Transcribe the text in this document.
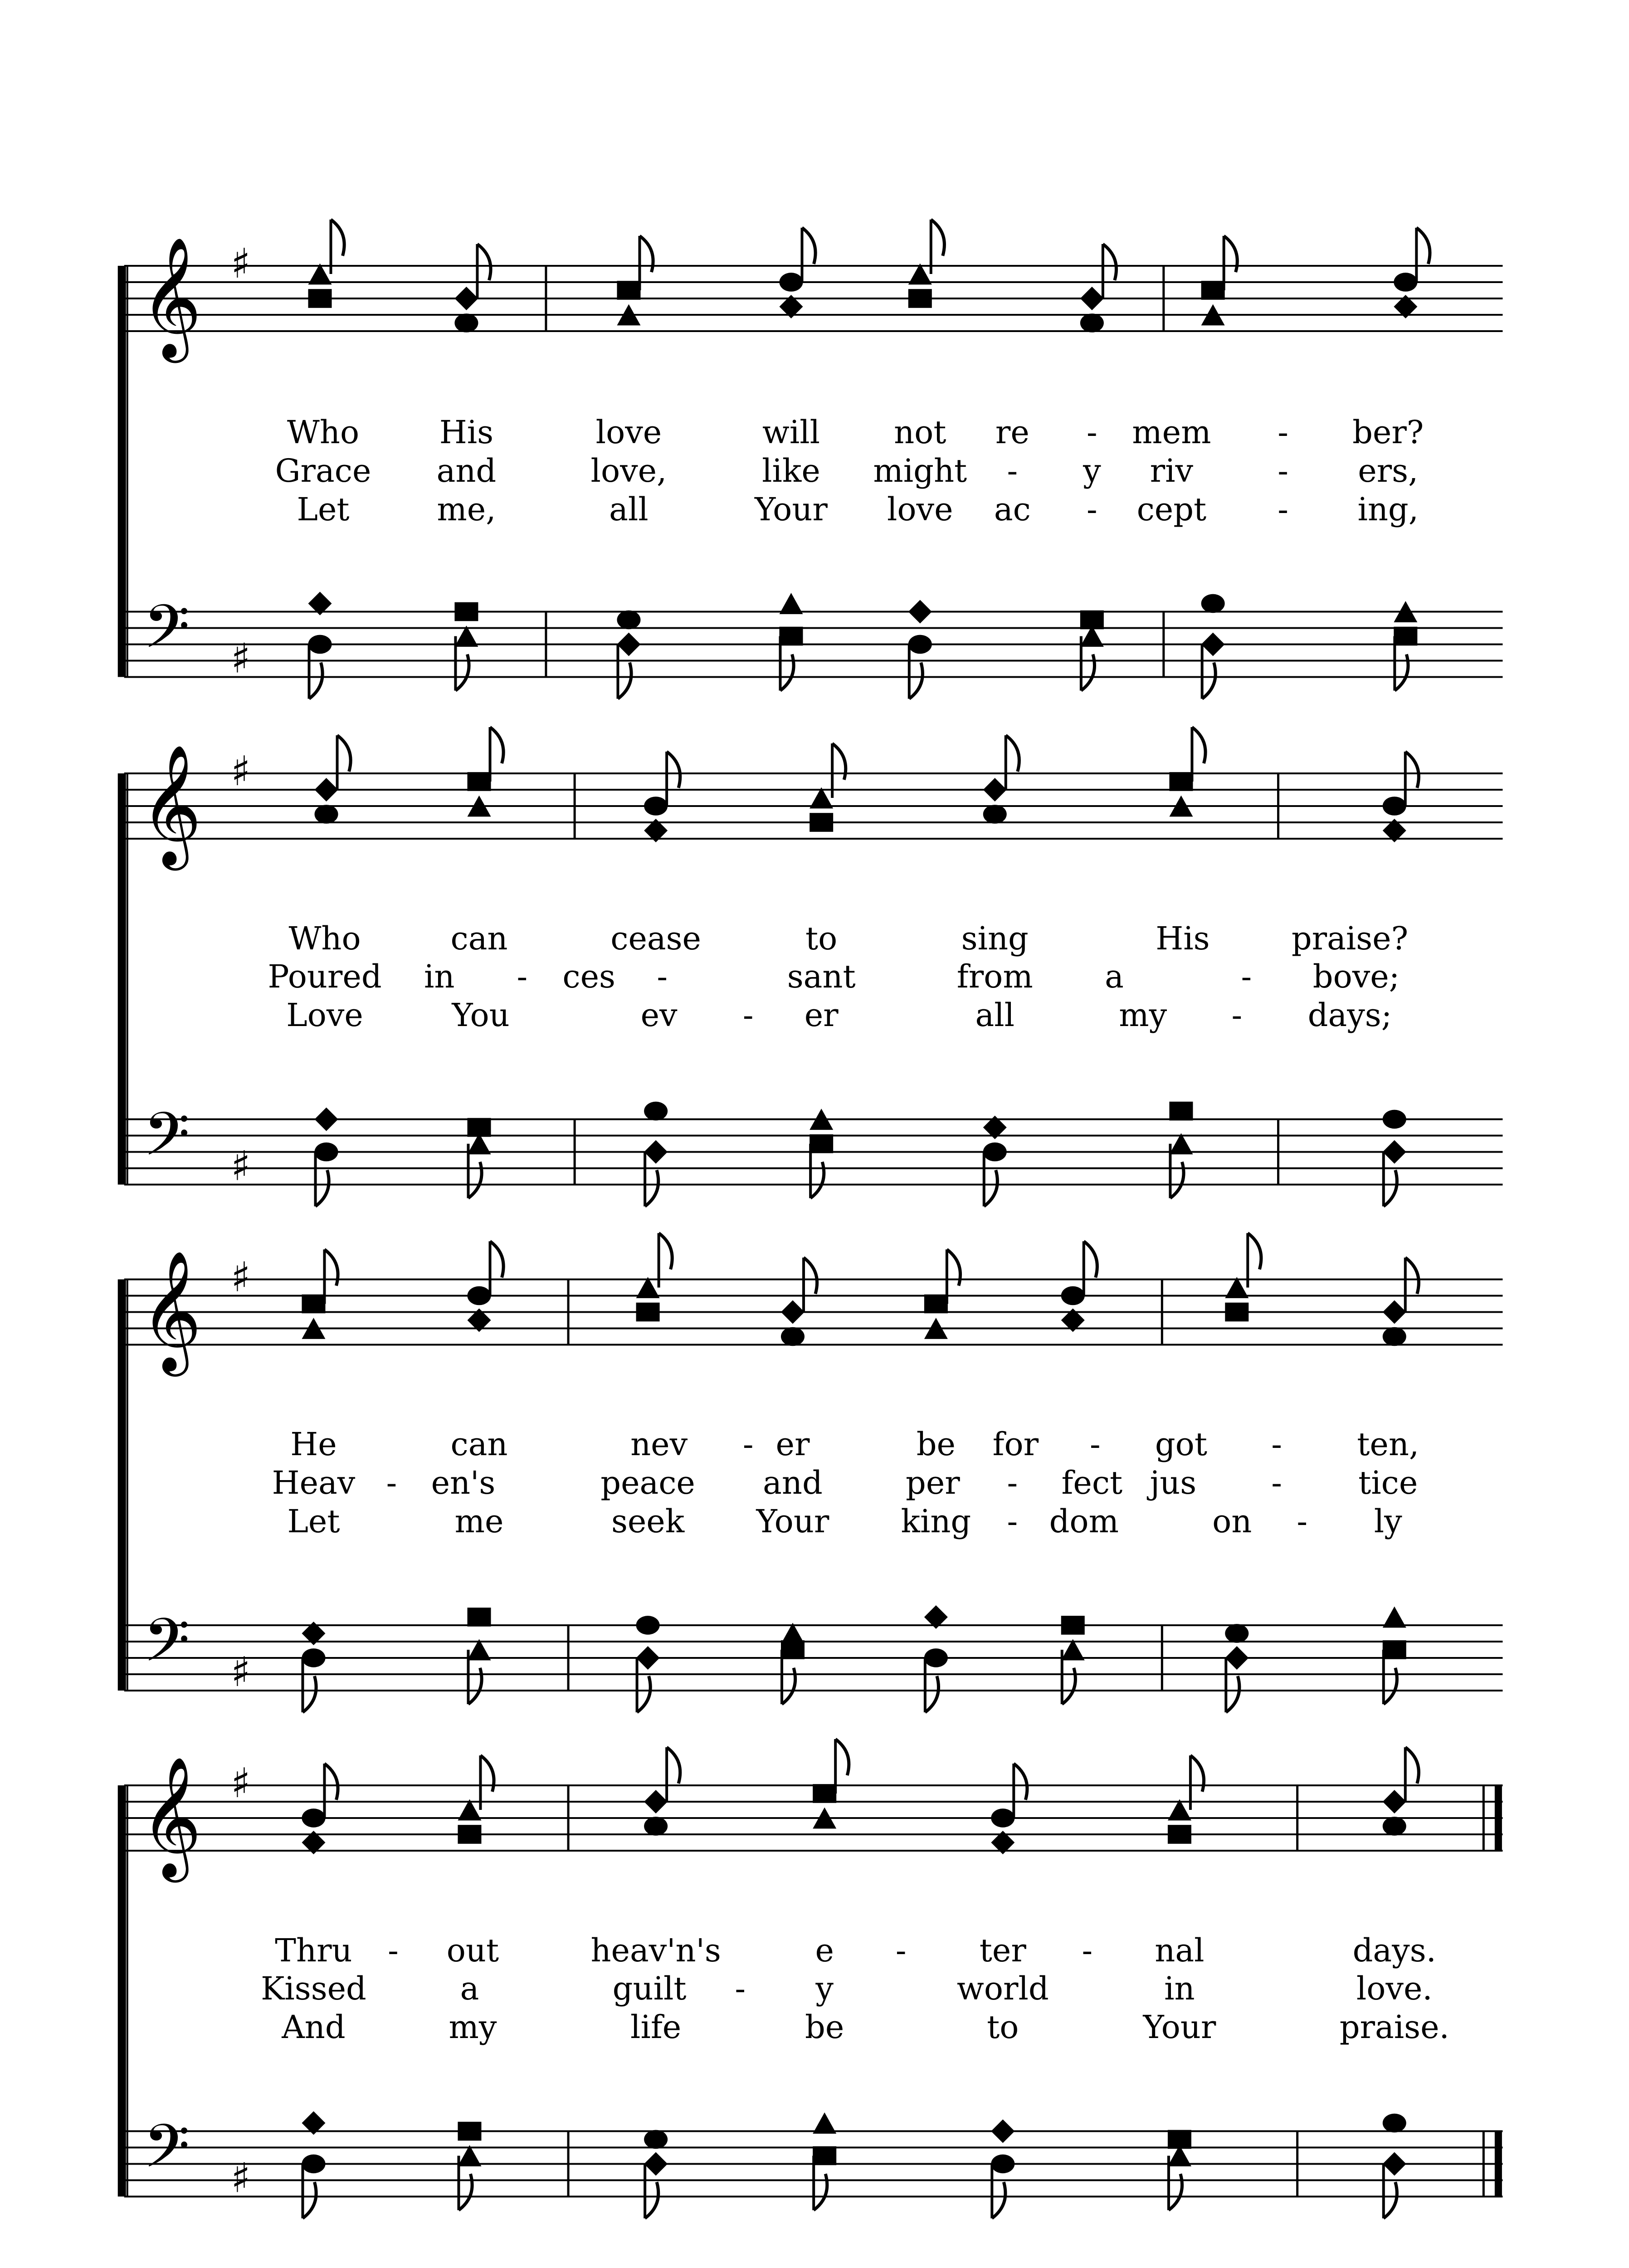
𝄞
𝄢
♯
♯
𝄞
𝄢
♯
♯
𝄞
𝄢
♯
♯
𝄞
𝄢
♯
♯
Who	His	love	will not re - mem - ber?
Grace and	love,	like might - y riv	- ers,
Let	me,	all	Your love ac - cept - ing,
Who	can	cease	to	sing	His	praise?
Poured in - ces -	sant	from a	- bove;
Love	You	ev - er	all	my - days;
He	can	nev - er	be for - got - ten,
Heav - en's	peace and	per - fect jus - tice
Let	me	seek Your king - dom	on - ly
Thru - out	heav'n's	e - ter - nal	days.
Kissed	a	guilt - y	world	in	love.
And	my	life	be	to	Your	praise.
